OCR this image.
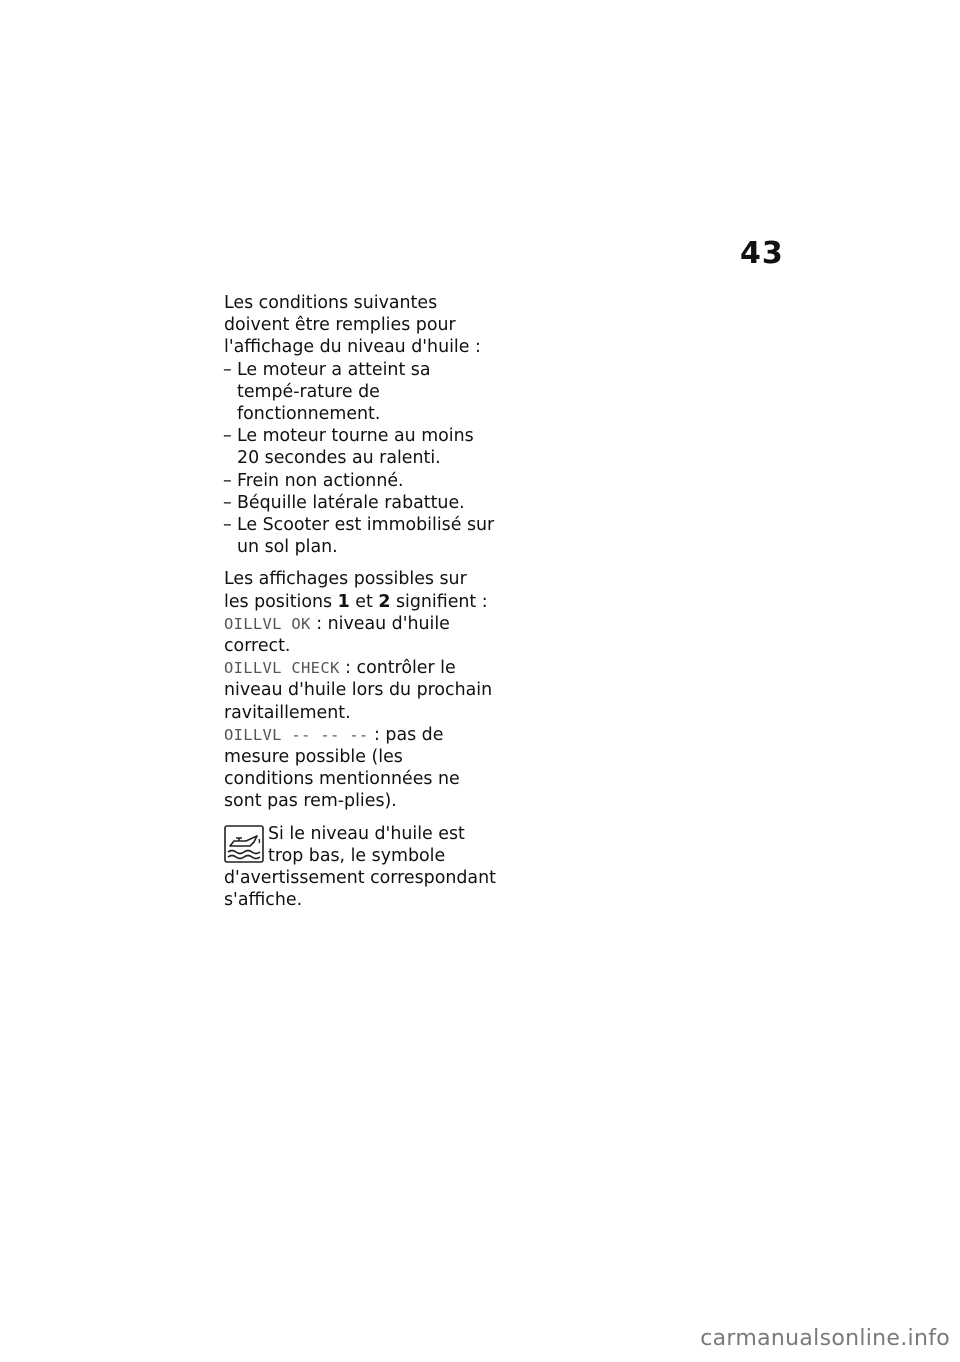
43

Les conditions suivantes doivent être remplies pour l'affichage du niveau d'huile :

– Le moteur a atteint sa tempé-rature de fonctionnement.
– Le moteur tourne au moins 20 secondes au ralenti.
– Frein non actionné.
– Béquille latérale rabattue.
– Le Scooter est immobilisé sur un sol plan.

Les affichages possibles sur les positions 1 et 2 signifient :

OILLVL OK : niveau d'huile correct.

OILLVL CHECK : contrôler le niveau d'huile lors du prochain ravitaillement.

OILLVL -- -- -- : pas de mesure possible (les conditions mentionnées ne sont pas rem-plies).

Si le niveau d'huile est trop bas, le symbole d'avertissement correspondant s'affiche.

carmanualsonline.info
